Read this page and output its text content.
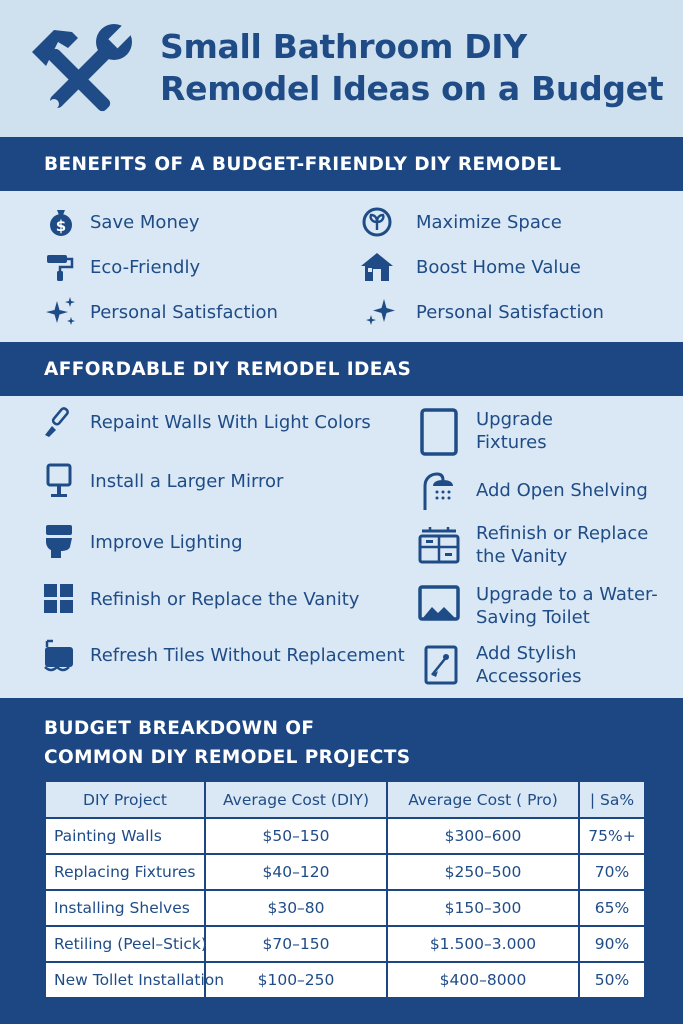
Small Bathroom DIY
Remodel Ideas on a Budget
BENEFITS OF A BUDGET-FRIENDLY DIY REMODEL
$ Save Money	Maximize Space
Eco-Friendly	Boost Home Value
Personal Satisfaction	Personal Satisfaction
AFFORDABLE DIY REMODEL IDEAS
Repaint Walls With Light Colors
Install a Larger Mirror
Improve Lighting
Refinish or Replace the Vanity
Refresh Tiles Without Replacement
Upgrade Fixtures
Add Open Shelving
Refinish or Replace the Vanity
Upgrade to a Water-Saving Toilet
Add Stylish Accessories
BUDGET BREAKDOWN OF
COMMON DIY REMODEL PROJECTS
DIY Project	Average Cost (DIY)	Average Cost ( Pro)	| Sa%
Painting Walls	$50–150	$300–600	75%+
Replacing Fixtures	$40–120	$250–500	70%
Installing Shelves	$30–80	$150–300	65%
Retiling (Peel–Stick)	$70–150	$1.500–3.000	90%
New Tollet Installation	$100–250	$400–8000	50%
